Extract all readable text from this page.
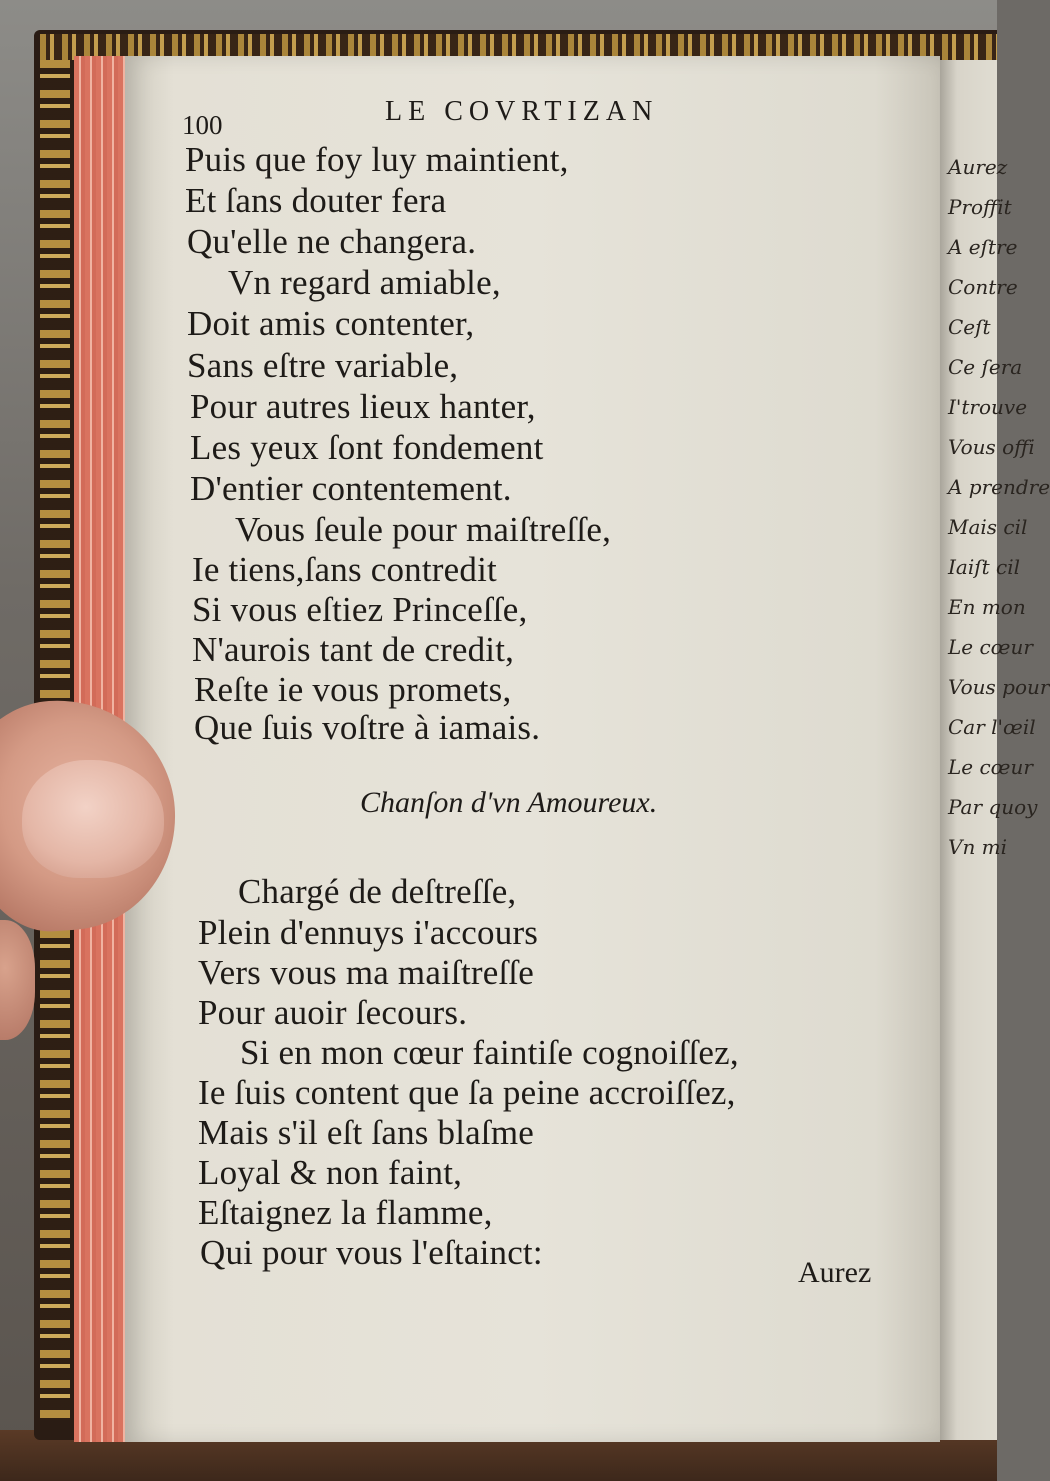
Aurez
Proffit
A eſtre
Contre
Ceſt
Ce ſera
I'trouve
Vous offi
A prendre
Mais cil
Iaiſt cil
En mon
Le cœur
Vous pour
Car l'œil
Le cœur
Par quoy
Vn mi
100	LE COVRTIZAN
Puis que foy luy maintient,
Et ſans douter fera
Qu'elle ne changera.
Vn regard amiable,
Doit amis contenter,
Sans eſtre variable,
Pour autres lieux hanter,
Les yeux ſont fondement
D'entier contentement.
Vous ſeule pour maiſtreſſe,
Ie tiens,ſans contredit
Si vous eſtiez Princeſſe,
N'aurois tant de credit,
Reſte ie vous promets,
Que ſuis voſtre à iamais.
Chanſon d'vn Amoureux.
Chargé de deſtreſſe,
Plein d'ennuys i'accours
Vers vous ma maiſtreſſe
Pour auoir ſecours.
Si en mon cœur faintiſe cognoiſſez,
Ie ſuis content que ſa peine accroiſſez,
Mais s'il eſt ſans blaſme
Loyal & non faint,
Eſtaignez la flamme,
Qui pour vous l'eſtainct:
Aurez
